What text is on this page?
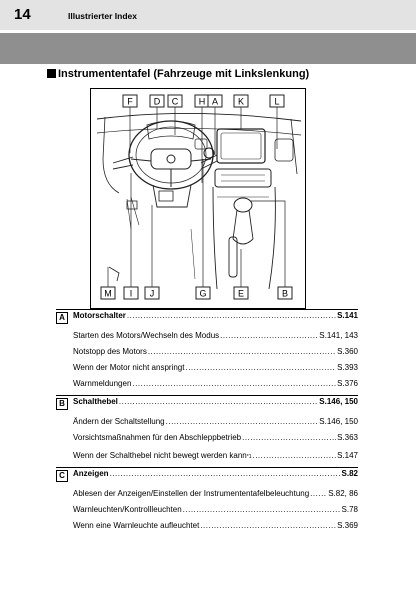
14	Illustrierter Index
Instrumententafel (Fahrzeuge mit Linkslenkung)
F D C H A K	L
M I J	G	E	B
A	Motorschalter .....	S.141
Starten des Motors/Wechseln des Modus .....	S.141, 143
Notstopp des Motors .....	S.360
Wenn der Motor nicht anspringt .....	S.393
Warnmeldungen .....	S.376
B	Schalthebel .....	S.146, 150
Ändern der Schaltstellung .....	S.146, 150
Vorsichtsmaßnahmen für den Abschleppbetrieb .....	S.363
Wenn der Schalthebel nicht bewegt werden kann *1 .....	S.147
C	Anzeigen .....	S.82
Ablesen der Anzeigen/Einstellen der Instrumententafelbeleuchtung ..... S.82, 86
Warnleuchten/Kontrollleuchten .....	S.78
Wenn eine Warnleuchte aufleuchtet .....	S.369
